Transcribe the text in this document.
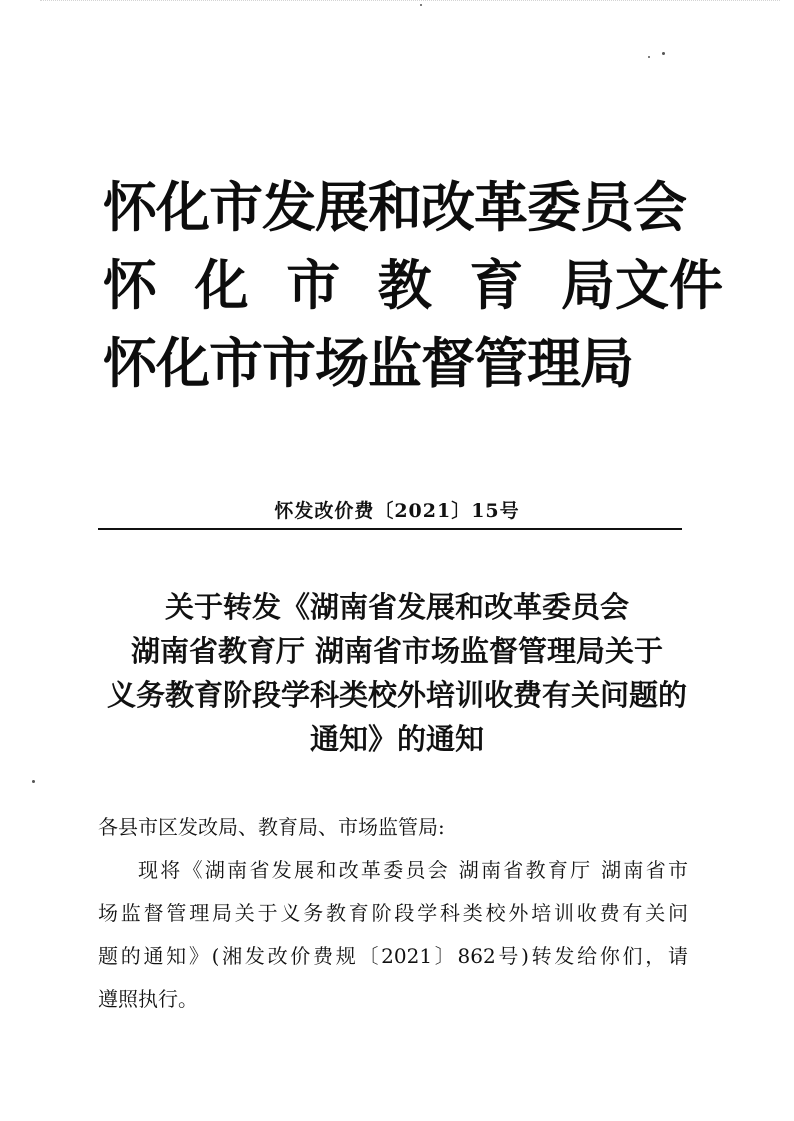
怀化市发展和改革委员会
怀  化  市  教  育  局文件
怀化市市场监督管理局
怀发改价费〔2021〕15号
关于转发《湖南省发展和改革委员会
湖南省教育厅 湖南省市场监督管理局关于
义务教育阶段学科类校外培训收费有关问题的
通知》的通知
各县市区发改局、教育局、市场监管局:
现将《湖南省发展和改革委员会 湖南省教育厅 湖南省市
场监督管理局关于义务教育阶段学科类校外培训收费有关问
题的通知》(湘发改价费规〔2021〕862号)转发给你们，请
遵照执行。
